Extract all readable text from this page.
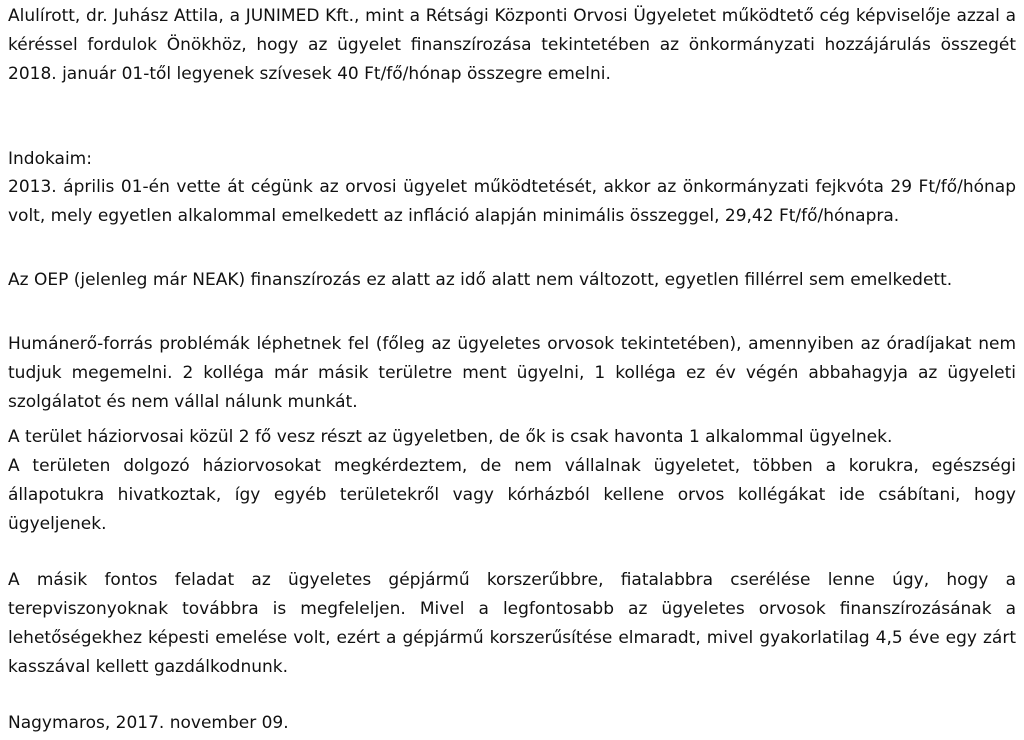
Alulírott, dr. Juhász Attila, a JUNIMED Kft., mint a Rétsági Központi Orvosi Ügyeletet működtető cég képviselője azzal a kéréssel fordulok Önökhöz, hogy az ügyelet finanszírozása tekintetében az önkormányzati hozzájárulás összegét 2018. január 01-től legyenek szívesek 40 Ft/fő/hónap összegre emelni.
Indokaim:
2013. április 01-én vette át cégünk az orvosi ügyelet működtetését, akkor az önkormányzati fejkvóta 29 Ft/fő/hónap volt, mely egyetlen alkalommal emelkedett az infláció alapján minimális összeggel, 29,42 Ft/fő/hónapra.
Az OEP (jelenleg már NEAK) finanszírozás ez alatt az idő alatt nem változott, egyetlen fillérrel sem emelkedett.
Humánerő-forrás problémák léphetnek fel (főleg az ügyeletes orvosok tekintetében), amennyiben az óradíjakat nem tudjuk megemelni. 2 kolléga már másik területre ment ügyelni, 1 kolléga ez év végén abbahagyja az ügyeleti szolgálatot és nem vállal nálunk munkát.
A terület háziorvosai közül 2 fő vesz részt az ügyeletben, de ők is csak havonta 1 alkalommal ügyelnek.
A területen dolgozó háziorvosokat megkérdeztem, de nem vállalnak ügyeletet, többen a korukra, egészségi állapotukra hivatkoztak, így egyéb területekről vagy kórházból kellene orvos kollégákat ide csábítani, hogy ügyeljenek.
A másik fontos feladat az ügyeletes gépjármű korszerűbbre, fiatalabbra cserélése lenne úgy, hogy a terepviszonyoknak továbbra is megfeleljen. Mivel a legfontosabb az ügyeletes orvosok finanszírozásának a lehetőségekhez képesti emelése volt, ezért a gépjármű korszerűsítése elmaradt, mivel gyakorlatilag 4,5 éve egy zárt kasszával kellett gazdálkodnunk.
Nagymaros, 2017. november 09.
